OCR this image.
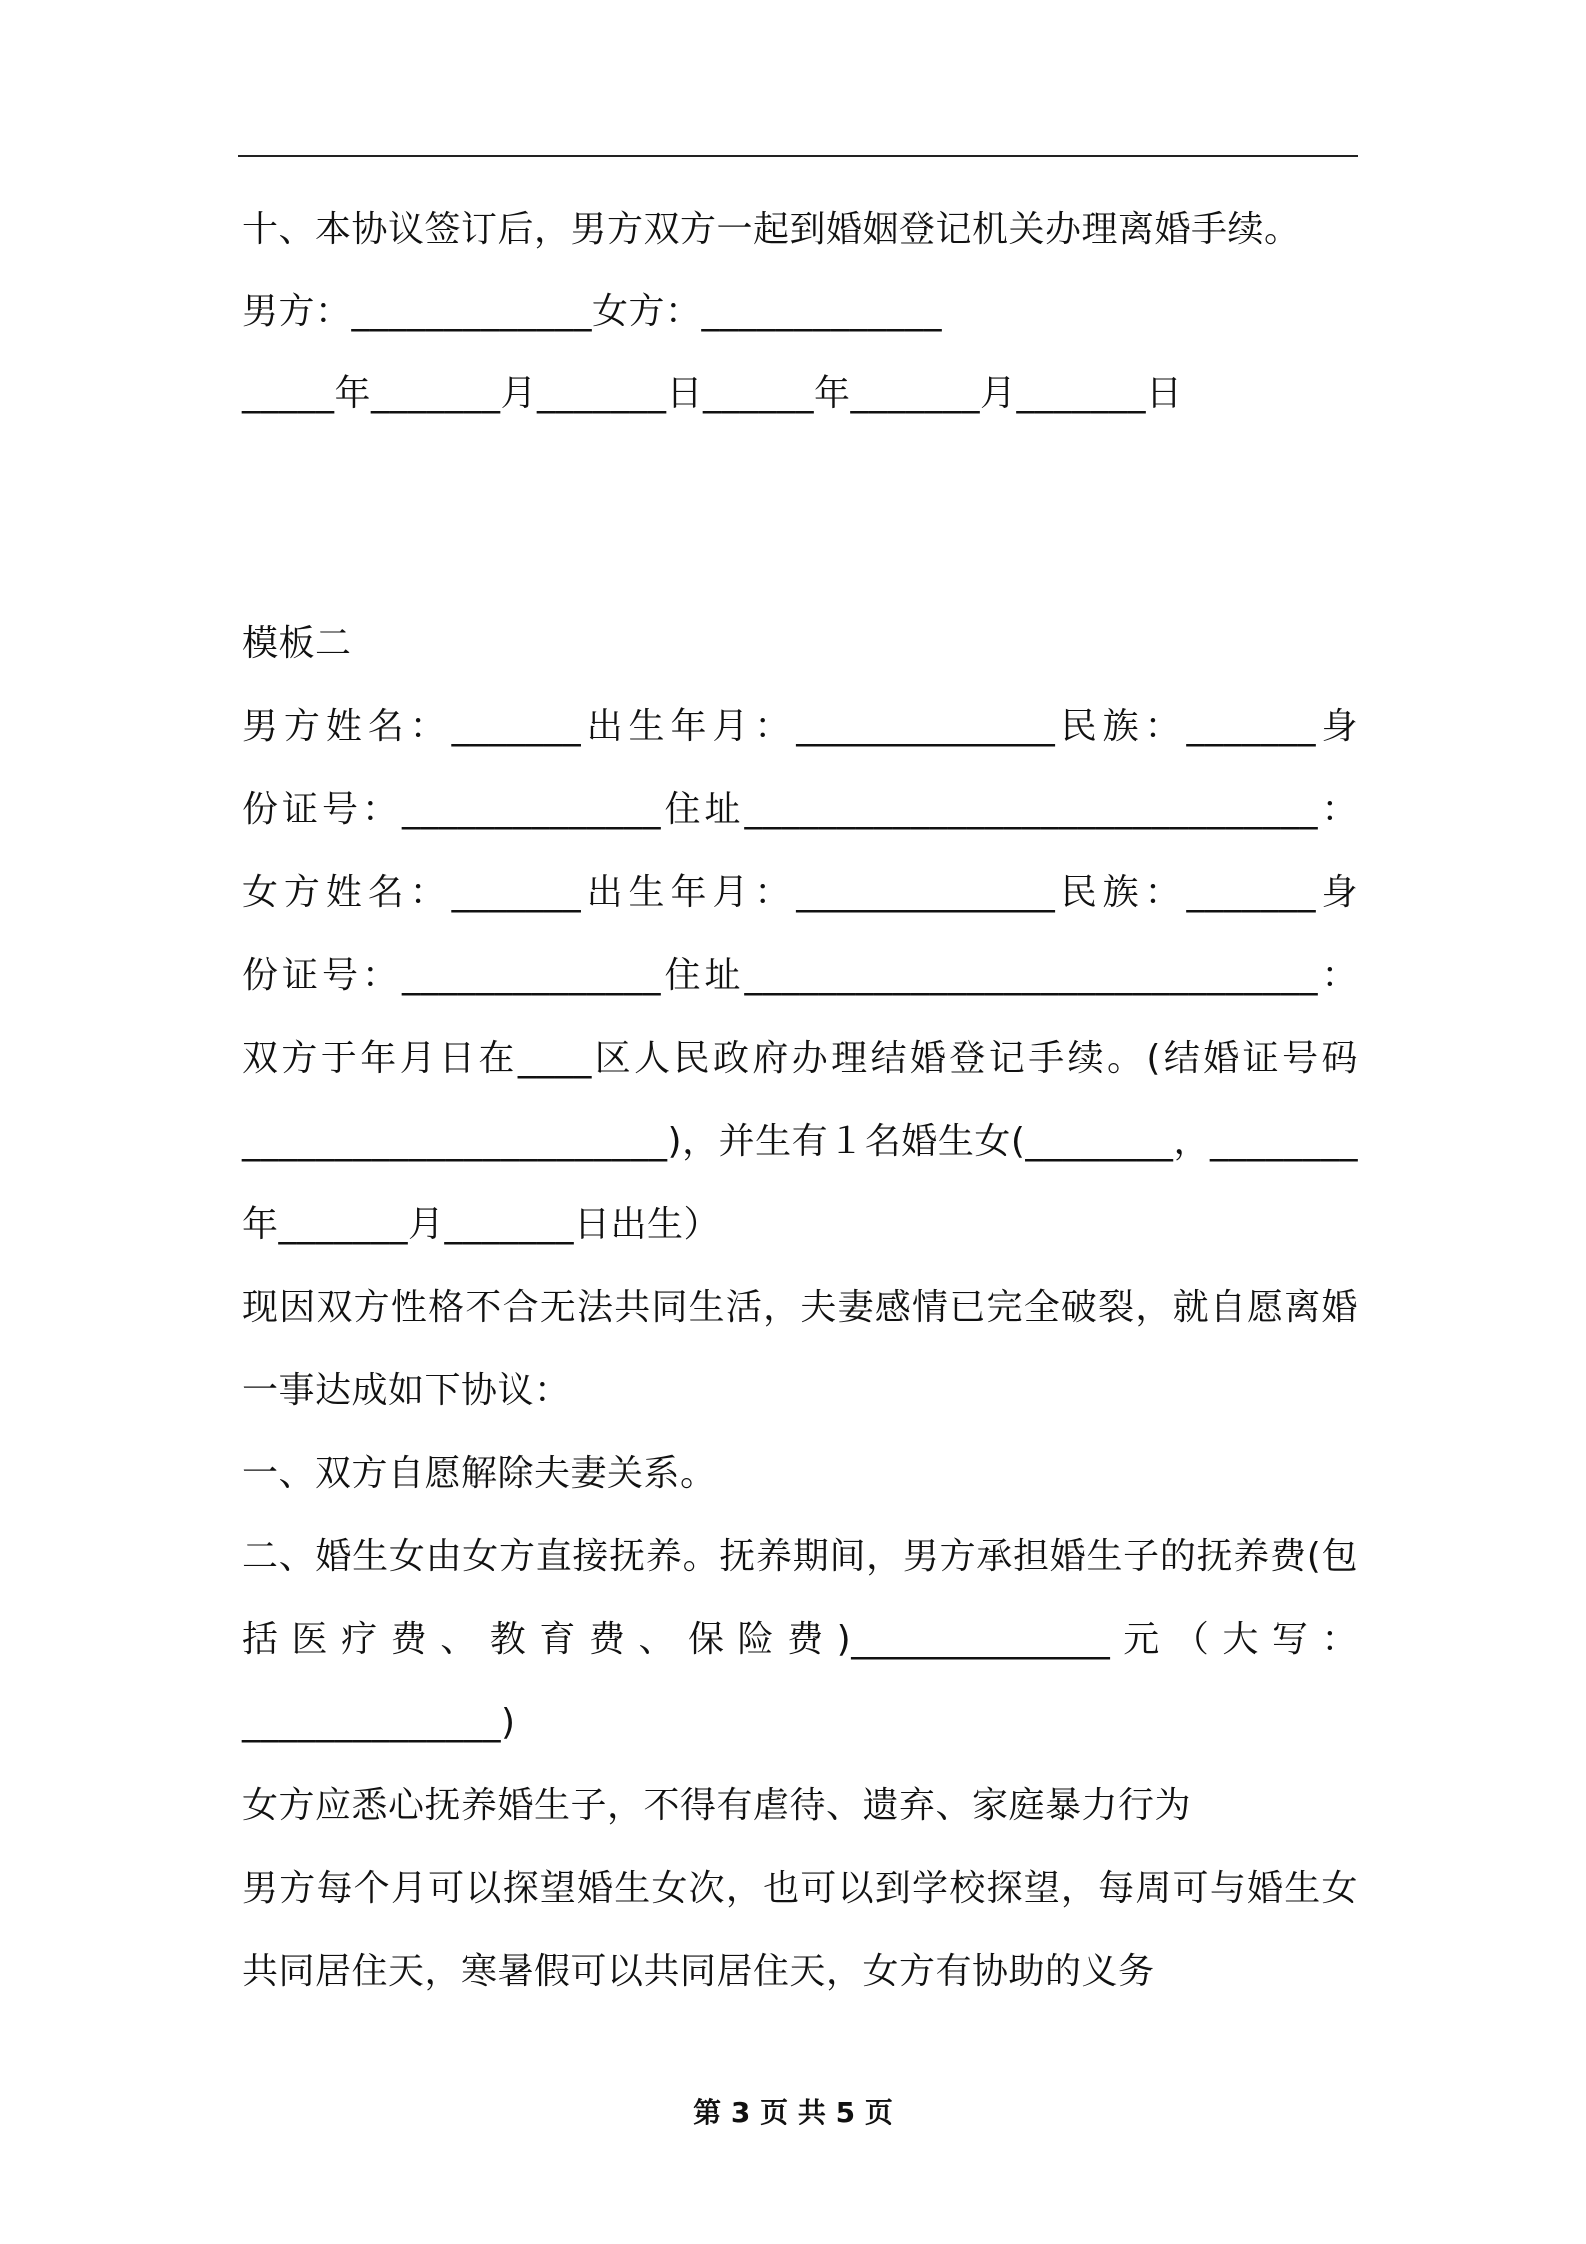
十、本协议签订后，男方双方一起到婚姻登记机关办理离婚手续。
男方：_____________女方：_____________
_____年_______月_______日______年_______月_______日
模板二
男方姓名：_______出生年月：______________民族：_______身
份证号：______________住址_______________________________：
女方姓名：_______出生年月：______________民族：_______身
份证号：______________住址_______________________________：
双方于年月日在____区人民政府办理结婚登记手续。(结婚证号码
_______________________)，并生有１名婚生女(________，________
年_______月_______日出生）
现因双方性格不合无法共同生活，夫妻感情已完全破裂，就自愿离婚
一事达成如下协议：
一、双方自愿解除夫妻关系。
二、婚生女由女方直接抚养。抚养期间，男方承担婚生子的抚养费(包
括医疗费、教育费、保险费)______________元（大写：
______________)
女方应悉心抚养婚生子，不得有虐待、遗弃、家庭暴力行为
男方每个月可以探望婚生女次，也可以到学校探望，每周可与婚生女
共同居住天，寒暑假可以共同居住天，女方有协助的义务
第 3 页 共 5 页
